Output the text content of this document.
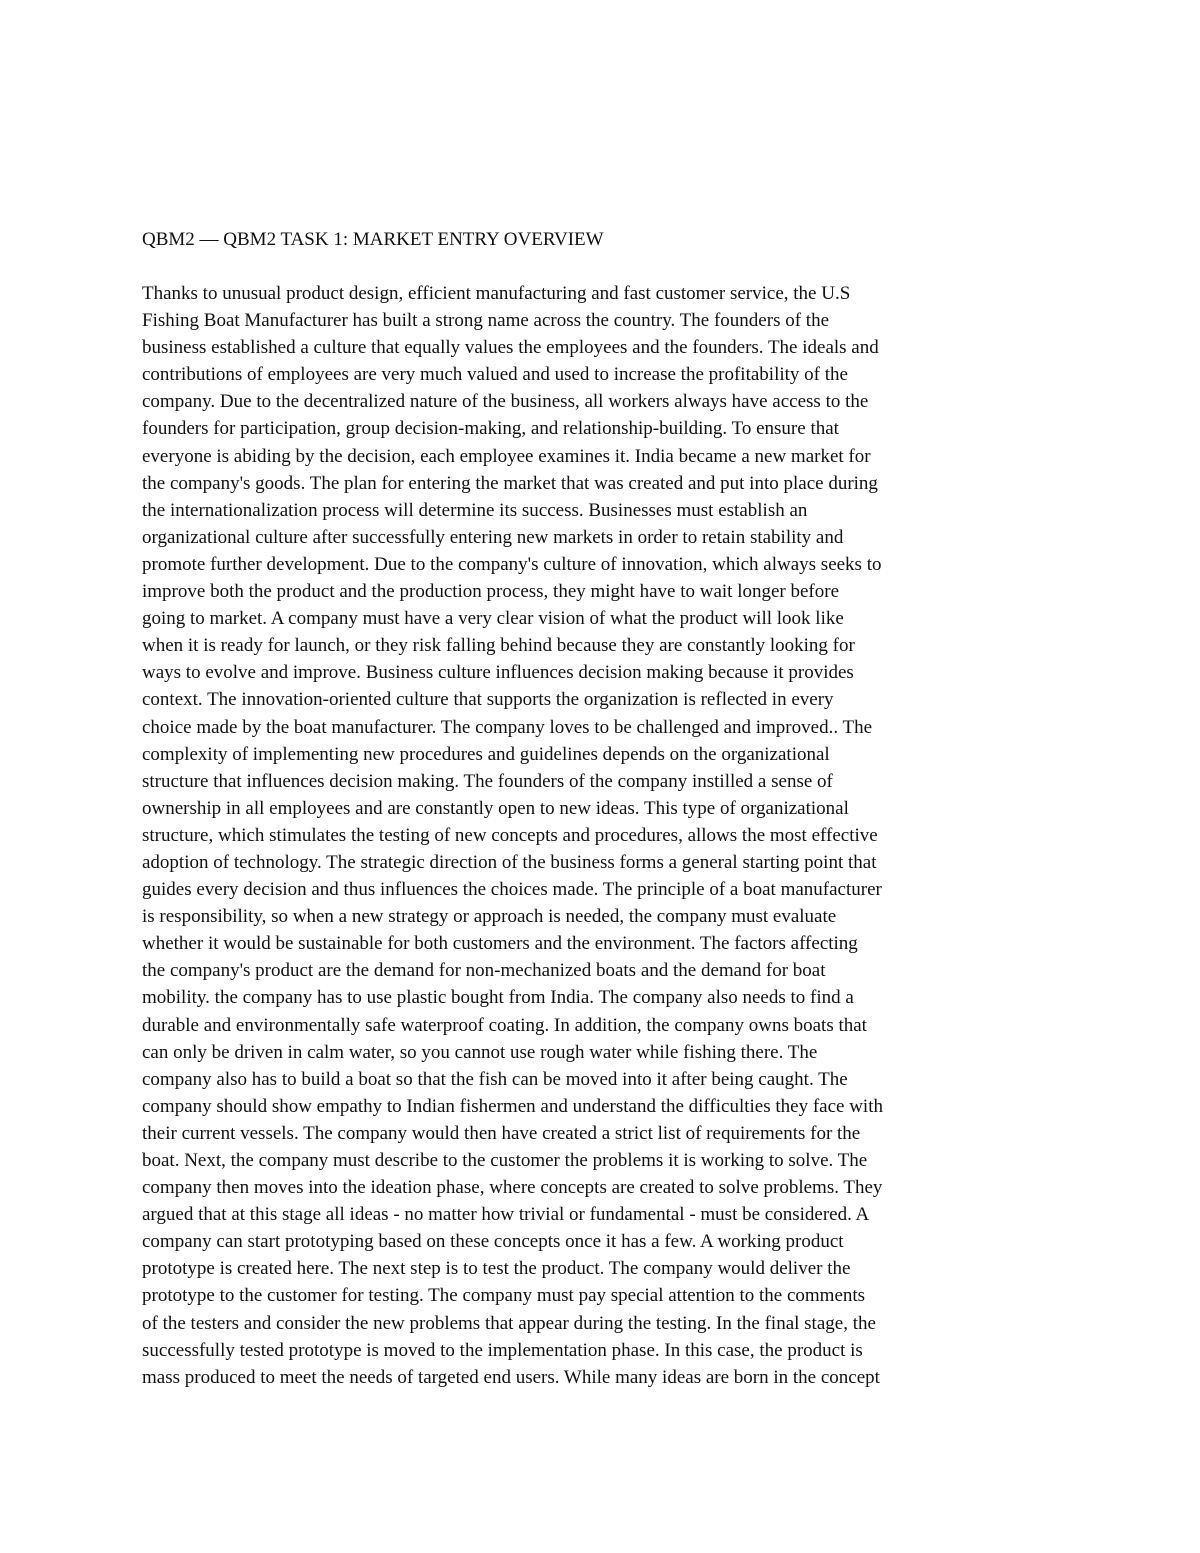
QBM2 — QBM2 TASK 1: MARKET ENTRY OVERVIEW
Thanks to unusual product design, efficient manufacturing and fast customer service, the U.S
Fishing Boat Manufacturer has built a strong name across the country. The founders of the
business established a culture that equally values the employees and the founders. The ideals and
contributions of employees are very much valued and used to increase the profitability of the
company. Due to the decentralized nature of the business, all workers always have access to the
founders for participation, group decision-making, and relationship-building. To ensure that
everyone is abiding by the decision, each employee examines it. India became a new market for
the company's goods. The plan for entering the market that was created and put into place during
the internationalization process will determine its success. Businesses must establish an
organizational culture after successfully entering new markets in order to retain stability and
promote further development. Due to the company's culture of innovation, which always seeks to
improve both the product and the production process, they might have to wait longer before
going to market. A company must have a very clear vision of what the product will look like
when it is ready for launch, or they risk falling behind because they are constantly looking for
ways to evolve and improve. Business culture influences decision making because it provides
context. The innovation-oriented culture that supports the organization is reflected in every
choice made by the boat manufacturer. The company loves to be challenged and improved.. The
complexity of implementing new procedures and guidelines depends on the organizational
structure that influences decision making. The founders of the company instilled a sense of
ownership in all employees and are constantly open to new ideas. This type of organizational
structure, which stimulates the testing of new concepts and procedures, allows the most effective
adoption of technology. The strategic direction of the business forms a general starting point that
guides every decision and thus influences the choices made. The principle of a boat manufacturer
is responsibility, so when a new strategy or approach is needed, the company must evaluate
whether it would be sustainable for both customers and the environment. The factors affecting
the company's product are the demand for non-mechanized boats and the demand for boat
mobility. the company has to use plastic bought from India. The company also needs to find a
durable and environmentally safe waterproof coating. In addition, the company owns boats that
can only be driven in calm water, so you cannot use rough water while fishing there. The
company also has to build a boat so that the fish can be moved into it after being caught. The
company should show empathy to Indian fishermen and understand the difficulties they face with
their current vessels. The company would then have created a strict list of requirements for the
boat. Next, the company must describe to the customer the problems it is working to solve. The
company then moves into the ideation phase, where concepts are created to solve problems. They
argued that at this stage all ideas - no matter how trivial or fundamental - must be considered. A
company can start prototyping based on these concepts once it has a few. A working product
prototype is created here. The next step is to test the product. The company would deliver the
prototype to the customer for testing. The company must pay special attention to the comments
of the testers and consider the new problems that appear during the testing. In the final stage, the
successfully tested prototype is moved to the implementation phase. In this case, the product is
mass produced to meet the needs of targeted end users. While many ideas are born in the concept
